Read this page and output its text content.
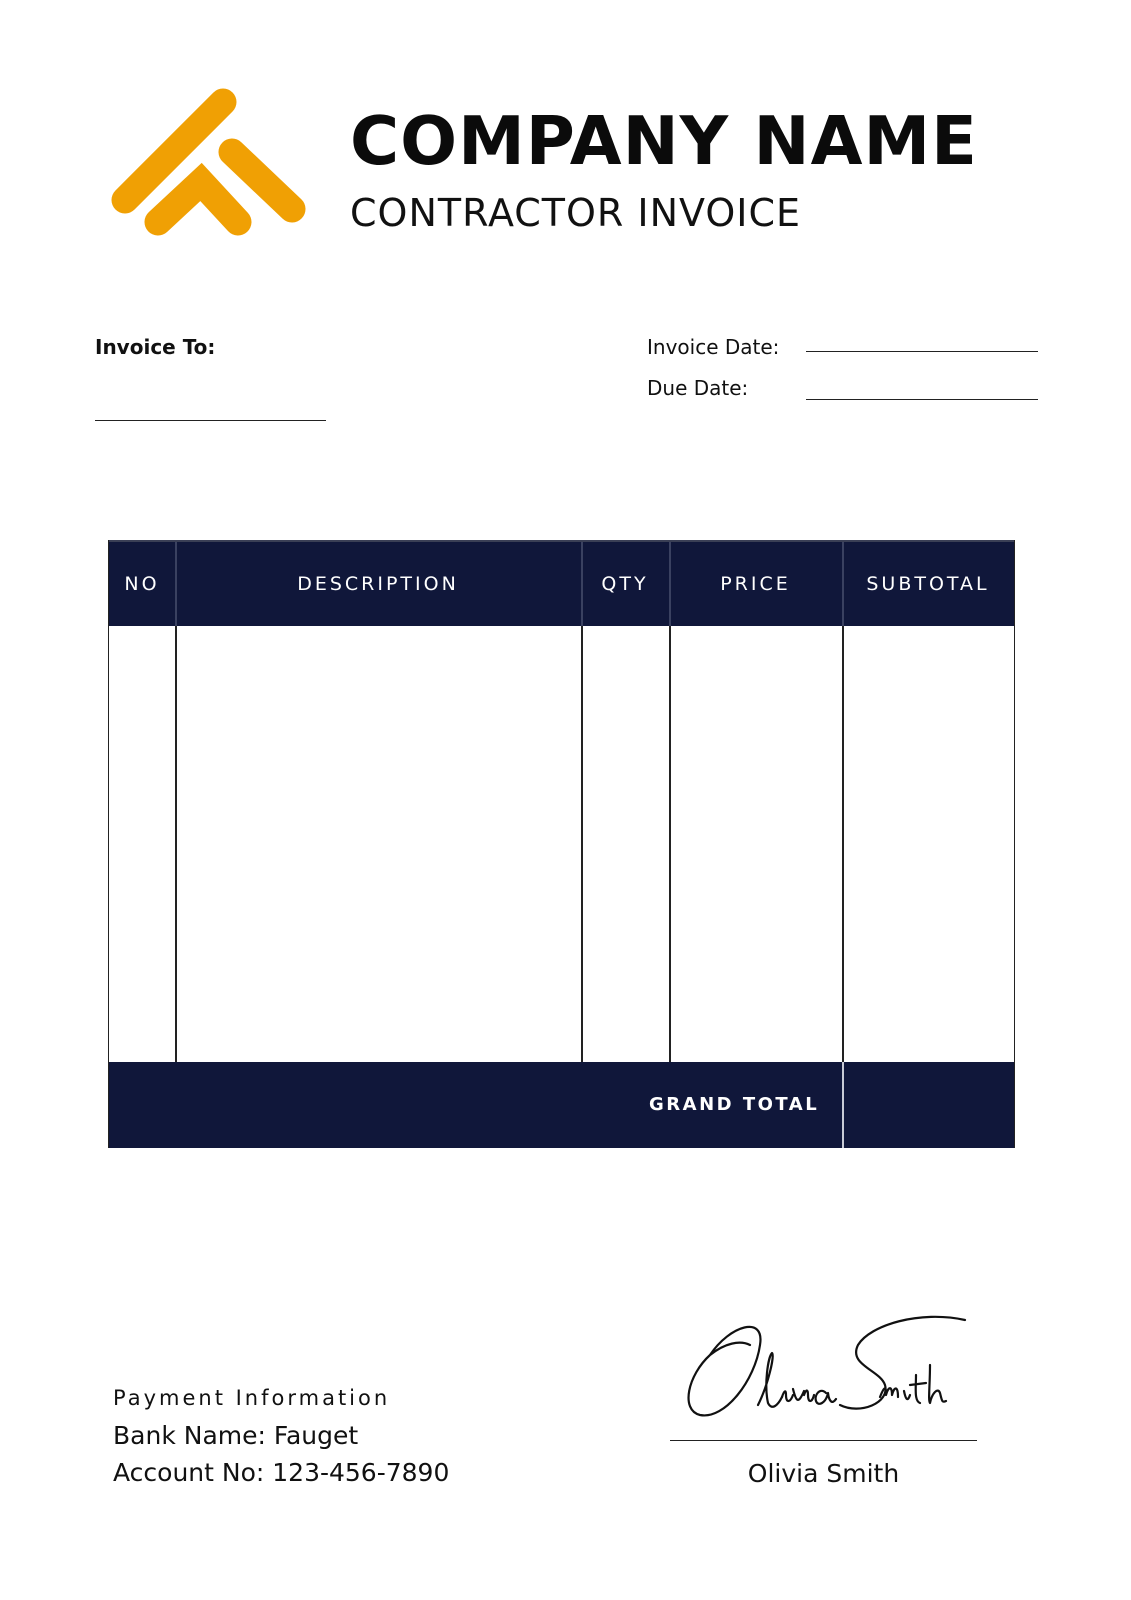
COMPANY NAME
CONTRACTOR INVOICE
Invoice To:	Invoice Date:
Due Date:
NO	DESCRIPTION	QTY	PRICE	SUBTOTAL
GRAND TOTAL
Payment Information
Bank Name: Fauget
Account No: 123-456-7890	Olivia Smith
